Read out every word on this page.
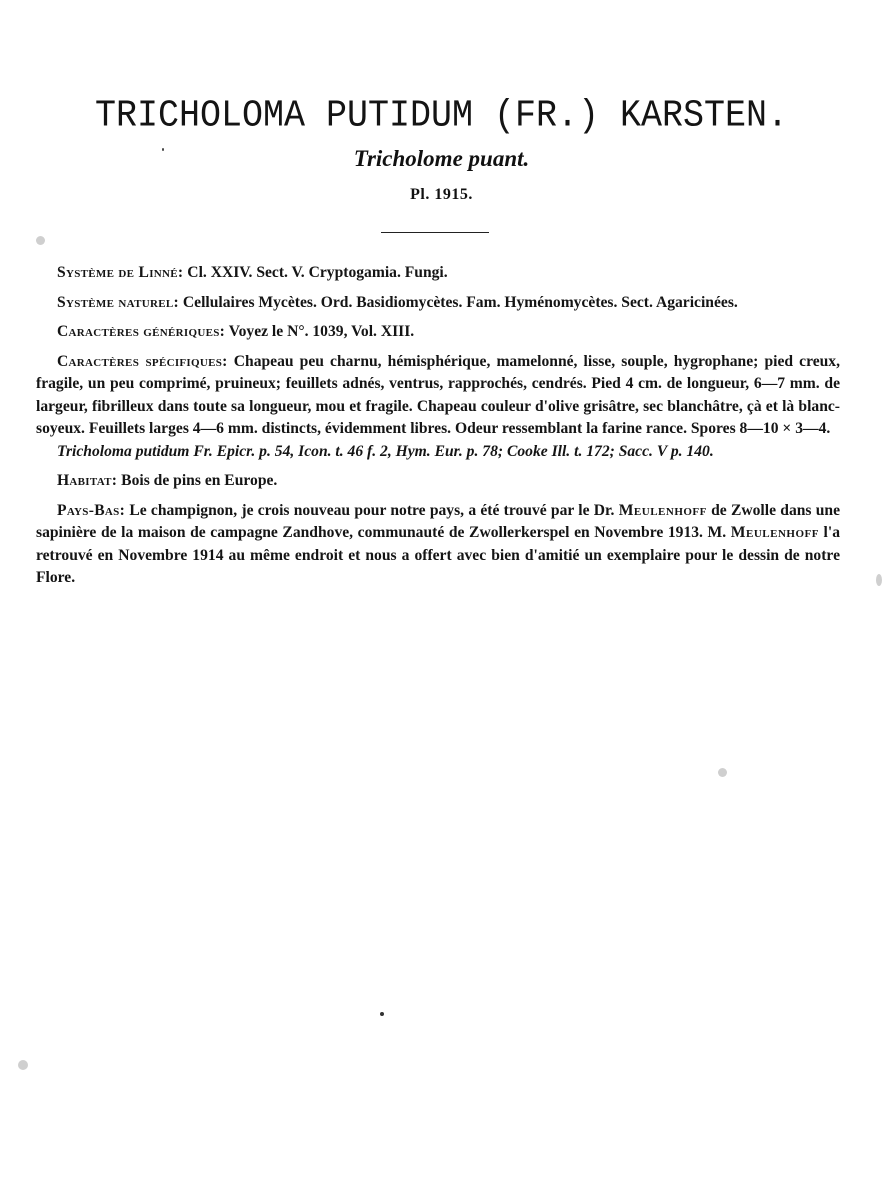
TRICHOLOMA PUTIDUM (FR.) KARSTEN.
Tricholome puant.
Pl. 1915.

Système de Linné: Cl. XXIV. Sect. V. Cryptogamia. Fungi.

Système naturel: Cellulaires Mycètes. Ord. Basidiomycètes. Fam. Hyménomycètes. Sect. Agaricinées.

Caractères génériques: Voyez le N°. 1039, Vol. XIII.

Caractères spécifiques: Chapeau peu charnu, hémisphérique, mamelonné, lisse, souple, hygrophane; pied creux, fragile, un peu comprimé, pruineux; feuillets adnés, ventrus, rapprochés, cendrés. Pied 4 cm. de longueur, 6—7 mm. de largeur, fibrilleux dans toute sa longueur, mou et fragile. Chapeau couleur d'olive grisâtre, sec blanchâtre, çà et là blanc-soyeux. Feuillets larges 4—6 mm. distincts, évidemment libres. Odeur ressemblant la farine rance. Spores 8—10 × 3—4.

Tricholoma putidum Fr. Epicr. p. 54, Icon. t. 46 f. 2, Hym. Eur. p. 78; Cooke Ill. t. 172; Sacc. V p. 140.

Habitat: Bois de pins en Europe.

Pays-Bas: Le champignon, je crois nouveau pour notre pays, a été trouvé par le Dr. Meulenhoff de Zwolle dans une sapinière de la maison de campagne Zandhove, communauté de Zwollerkerspel en Novembre 1913. M. Meulenhoff l'a retrouvé en Novembre 1914 au même endroit et nous a offert avec bien d'amitié un exemplaire pour le dessin de notre Flore.
